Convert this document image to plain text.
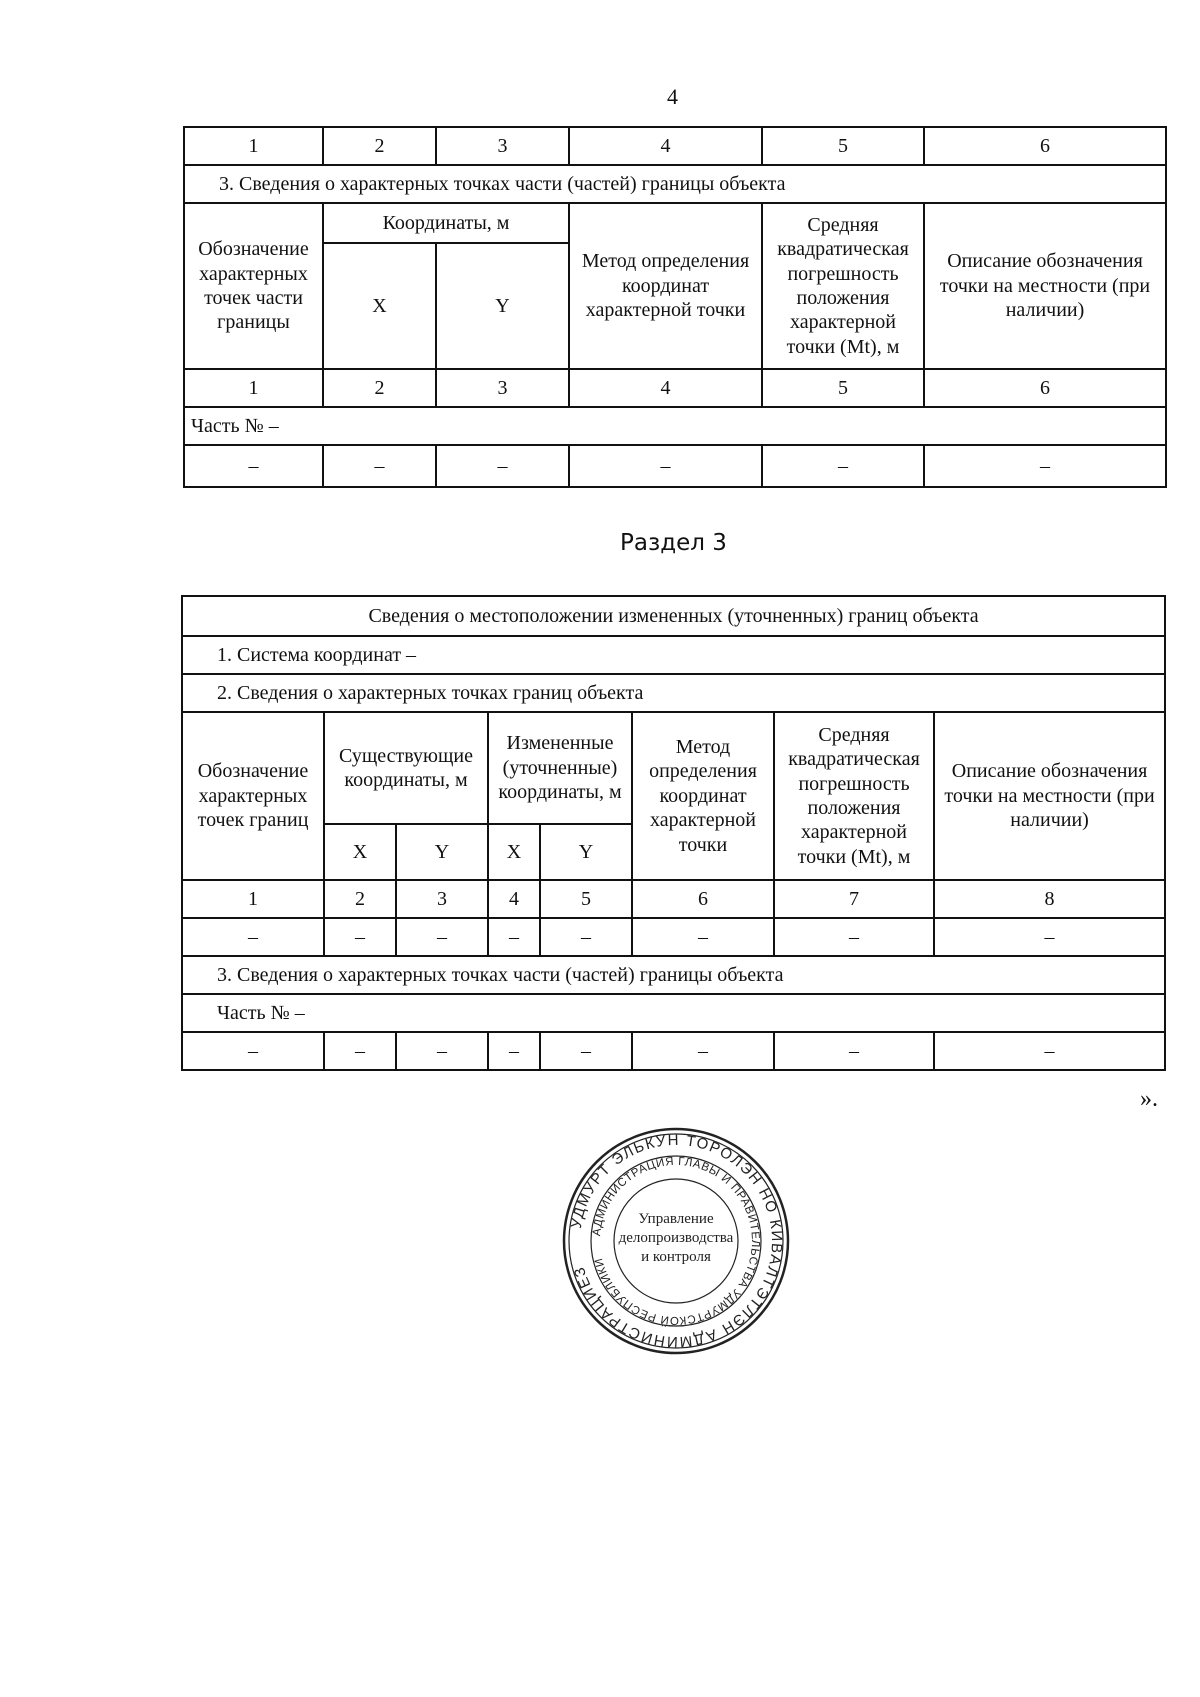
4
1	2	3	4	5	6
3. Сведения о характерных точках части (частей) границы объекта					
Обозначение характерных точек части границы	Координаты, м		Метод определения координат характерной точки	Средняя квадратическая погрешность положения характерной точки (Mt), м	Описание обозначения точки на местности (при наличии)
	X	Y			
1	2	3	4	5	6
Часть № –					
–	–	–	–	–	–
Раздел 3
Сведения о местоположении измененных (уточненных) границ объекта							
1. Система координат –							
2. Сведения о характерных точках границ объекта							
Обозначение характерных точек границ	Существующие координаты, м		Измененные (уточненные) координаты, м		Метод определения координат характерной точки	Средняя квадратическая погрешность положения характерной точки (Mt), м	Описание обозначения точки на местности (при наличии)
	X	Y	X	Y			
1	2	3	4	5	6	7	8
–	–	–	–	–	–	–	–
3. Сведения о характерных точках части (частей) границы объекта							
Часть № –							
–	–	–	–	–	–	–	–
».
УДМУРТ ЭЛЬКУН ТОРОЛЭН НО КИВАЛТЭТЛЭН АДМИНИСТРАЦИЕЗ
АДМИНИСТРАЦИЯ ГЛАВЫ И ПРАВИТЕЛЬСТВА УДМУРТСКОЙ РЕСПУБЛИКИ
Управление
делопроизводства
и контроля
